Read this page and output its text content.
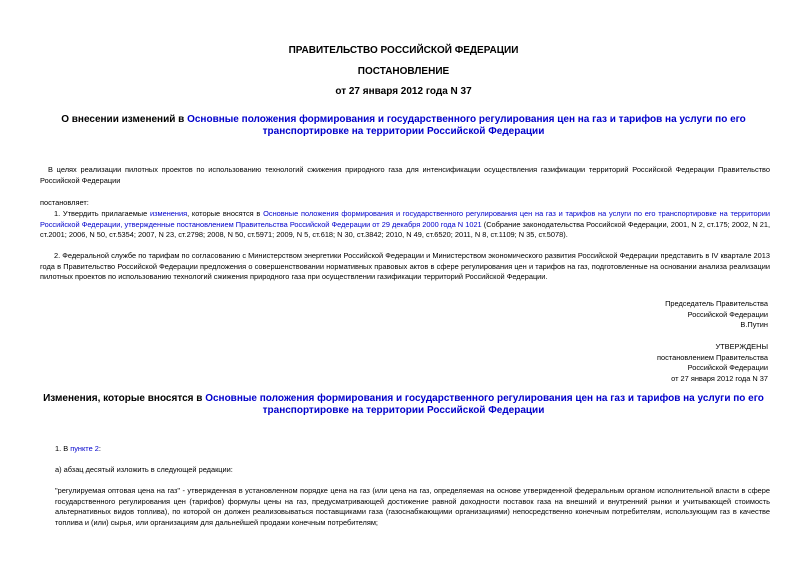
ПРАВИТЕЛЬСТВО РОССИЙСКОЙ ФЕДЕРАЦИИ
ПОСТАНОВЛЕНИЕ
от 27 января 2012 года N 37
О внесении изменений в Основные положения формирования и государственного регулирования цен на газ и тарифов на услуги по его транспортировке на территории Российской Федерации
В целях реализации пилотных проектов по использованию технологий сжижения природного газа для интенсификации осуществления газификации территорий Российской Федерации Правительство Российской Федерации
постановляет:
1. Утвердить прилагаемые изменения, которые вносятся в Основные положения формирования и государственного регулирования цен на газ и тарифов на услуги по его транспортировке на территории Российской Федерации, утвержденные постановлением Правительства Российской Федерации от 29 декабря 2000 года N 1021 (Собрание законодательства Российской Федерации, 2001, N 2, ст.175; 2002, N 21, ст.2001; 2006, N 50, ст.5354; 2007, N 23, ст.2798; 2008, N 50, ст.5971; 2009, N 5, ст.618; N 30, ст.3842; 2010, N 49, ст.6520; 2011, N 8, ст.1109; N 35, ст.5078).
2. Федеральной службе по тарифам по согласованию с Министерством энергетики Российской Федерации и Министерством экономического развития Российской Федерации представить в IV квартале 2013 года в Правительство Российской Федерации предложения о совершенствовании нормативных правовых актов в сфере регулирования цен и тарифов на газ, подготовленные на основании анализа реализации пилотных проектов по использованию технологий сжижения природного газа при осуществлении газификации территорий Российской Федерации.
Председатель Правительства
Российской Федерации
В.Путин
УТВЕРЖДЕНЫ
постановлением Правительства
Российской Федерации
от 27 января 2012 года N 37
Изменения, которые вносятся в Основные положения формирования и государственного регулирования цен на газ и тарифов на услуги по его транспортировке на территории Российской Федерации
1. В пункте 2:
а) абзац десятый изложить в следующей редакции:
"регулируемая оптовая цена на газ" - утвержденная в установленном порядке цена на газ (или цена на газ, определяемая на основе утвержденной федеральным органом исполнительной власти в сфере государственного регулирования цен (тарифов) формулы цены на газ, предусматривающей достижение равной доходности поставок газа на внешний и внутренний рынки и учитывающей стоимость альтернативных видов топлива), по которой он должен реализовываться поставщиками газа (газоснабжающими организациями) непосредственно конечным потребителям, использующим газ в качестве топлива и (или) сырья, или организациям для дальнейшей продажи конечным потребителям;
